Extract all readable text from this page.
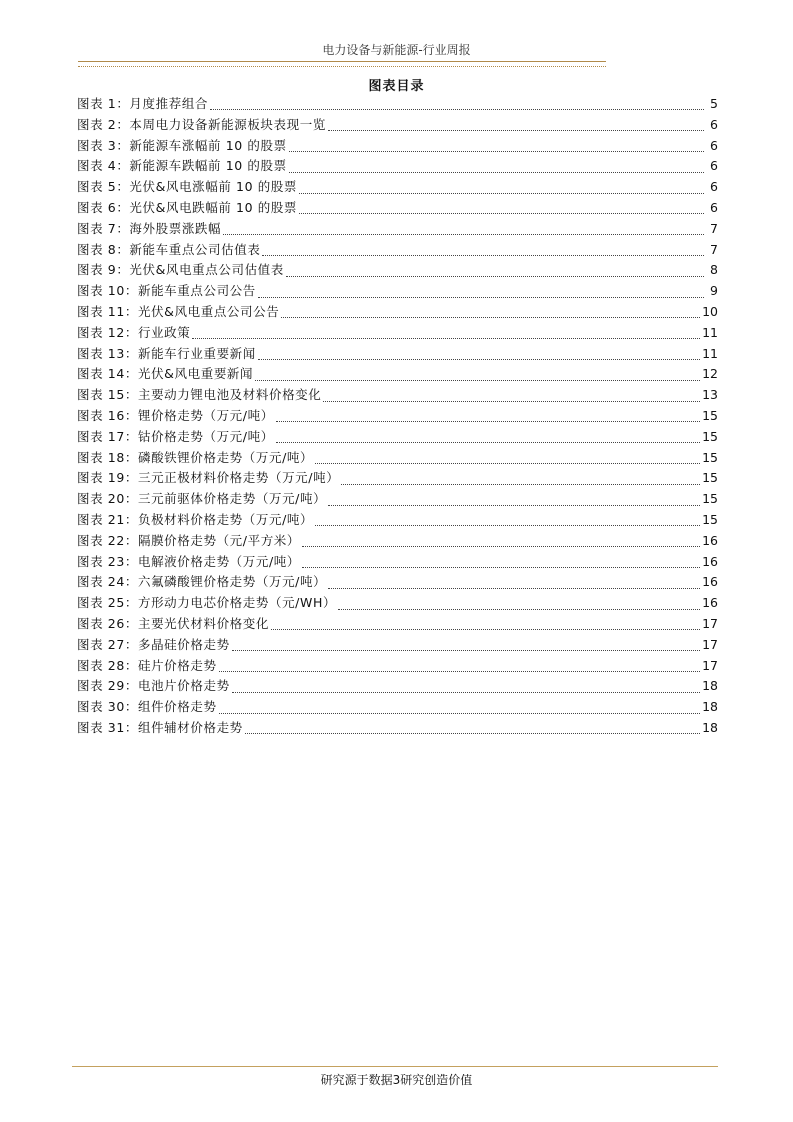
电力设备与新能源-行业周报
图表目录
图表 1：月度推荐组合	5
图表 2：本周电力设备新能源板块表现一览	6
图表 3：新能源车涨幅前 10 的股票	6
图表 4：新能源车跌幅前 10 的股票	6
图表 5：光伏&风电涨幅前 10 的股票	6
图表 6：光伏&风电跌幅前 10 的股票	6
图表 7：海外股票涨跌幅	7
图表 8：新能车重点公司估值表	7
图表 9：光伏&风电重点公司估值表	8
图表 10：新能车重点公司公告	9
图表 11：光伏&风电重点公司公告	10
图表 12：行业政策	11
图表 13：新能车行业重要新闻	11
图表 14：光伏&风电重要新闻	12
图表 15：主要动力锂电池及材料价格变化	13
图表 16：锂价格走势（万元/吨）	15
图表 17：钴价格走势（万元/吨）	15
图表 18：磷酸铁锂价格走势（万元/吨）	15
图表 19：三元正极材料价格走势（万元/吨）	15
图表 20：三元前驱体价格走势（万元/吨）	15
图表 21：负极材料价格走势（万元/吨）	15
图表 22：隔膜价格走势（元/平方米）	16
图表 23：电解液价格走势（万元/吨）	16
图表 24：六氟磷酸锂价格走势（万元/吨）	16
图表 25：方形动力电芯价格走势（元/WH）	16
图表 26：主要光伏材料价格变化	17
图表 27：多晶硅价格走势	17
图表 28：硅片价格走势	17
图表 29：电池片价格走势	18
图表 30：组件价格走势	18
图表 31：组件辅材价格走势	18
研究源于数据3研究创造价值
